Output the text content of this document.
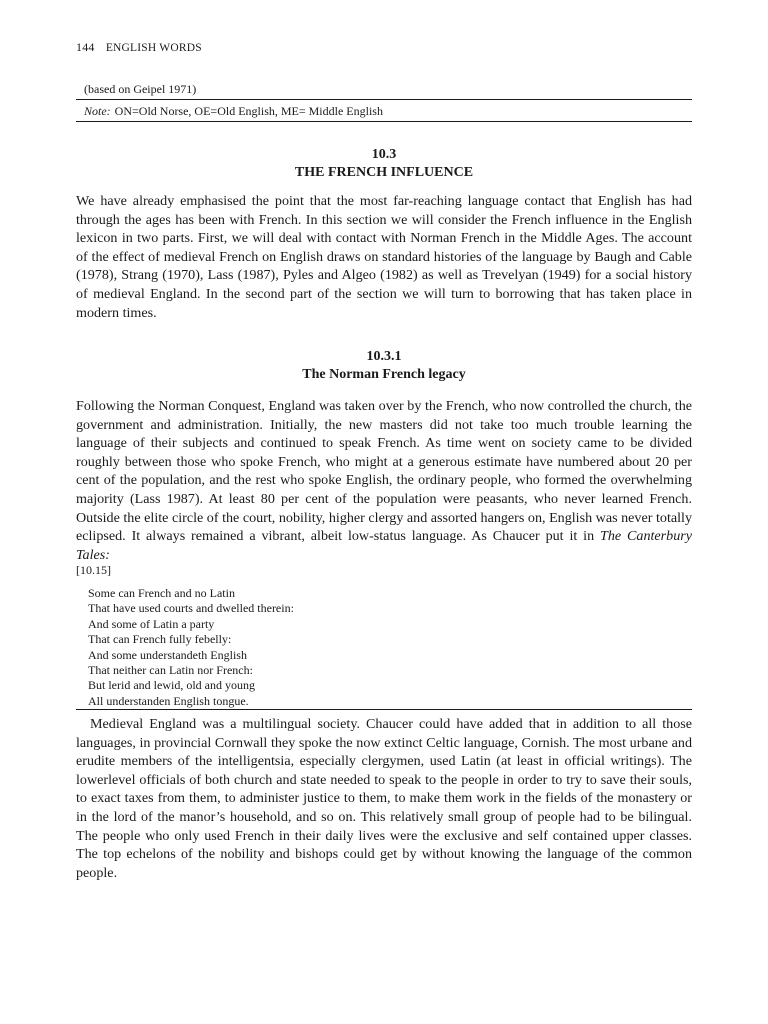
144 ENGLISH WORDS
(based on Geipel 1971)
Note: ON=Old Norse, OE=Old English, ME= Middle English
10.3
THE FRENCH INFLUENCE

We have already emphasised the point that the most far-reaching language contact that English has had through the ages has been with French. In this section we will consider the French influence in the English lexicon in two parts. First, we will deal with contact with Norman French in the Middle Ages. The account of the effect of medieval French on English draws on standard histories of the language by Baugh and Cable (1978), Strang (1970), Lass (1987), Pyles and Algeo (1982) as well as Trevelyan (1949) for a social history of medieval England. In the second part of the section we will turn to borrowing that has taken place in modern times.

10.3.1
The Norman French legacy

Following the Norman Conquest, England was taken over by the French, who now controlled the church, the government and administration. Initially, the new masters did not take too much trouble learning the language of their subjects and continued to speak French. As time went on society came to be divided roughly between those who spoke French, who might at a generous estimate have numbered about 20 per cent of the population, and the rest who spoke English, the ordinary people, who formed the overwhelming majority (Lass 1987). At least 80 per cent of the population were peasants, who never learned French. Outside the elite circle of the court, nobility, higher clergy and assorted hangers on, English was never totally eclipsed. It always remained a vibrant, albeit low-status language. As Chaucer put it in The Canterbury Tales:

[10.15]
Some can French and no Latin
That have used courts and dwelled therein:
And some of Latin a party
That can French fully febelly:
And some understandeth English
That neither can Latin nor French:
But lerid and lewid, old and young
All understanden English tongue.

Medieval England was a multilingual society. Chaucer could have added that in addition to all those languages, in provincial Cornwall they spoke the now extinct Celtic language, Cornish. The most urbane and erudite members of the intelligentsia, especially clergymen, used Latin (at least in official writings). The lowerlevel officials of both church and state needed to speak to the people in order to try to save their souls, to exact taxes from them, to administer justice to them, to make them work in the fields of the monastery or in the lord of the manor’s household, and so on. This relatively small group of people had to be bilingual. The people who only used French in their daily lives were the exclusive and self contained upper classes. The top echelons of the nobility and bishops could get by without knowing the language of the common people.
